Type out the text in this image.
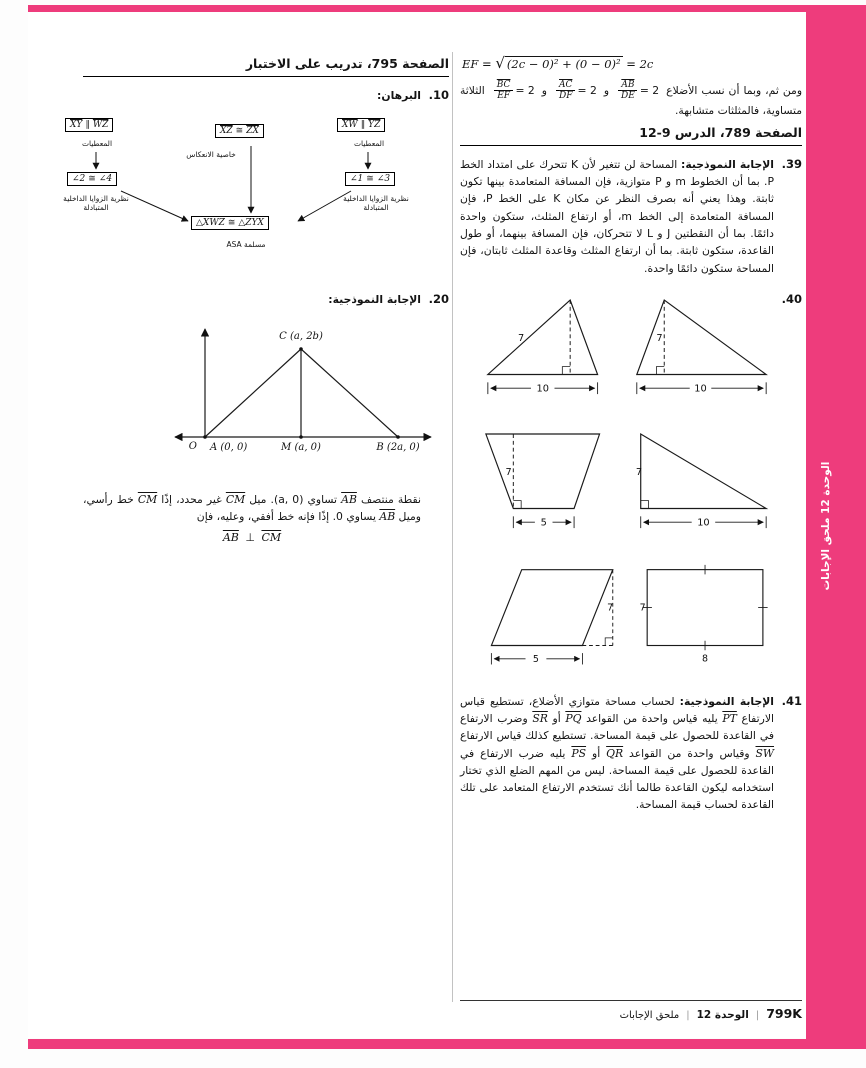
الوحدة 12 ملحق الإجابات
EF = √ (2c − 0)² + (0 − 0)² = 2c

ومن ثم، وبما أن نسب الأضلاع
$\frac{\overline{AB}}{DE} = 2$ و
$\frac{\overline{AC}}{DF} = 2$ و
$\frac{\overline{BC}}{EF} = 2$ الثلاثة متساوية، فالمثلثات متشابهة.

الصفحة 789، الدرس 9-12
.39

الإجابة النموذجية: المساحة لن تتغير لأن K تتحرك على امتداد الخط P. بما أن الخطوط m و P متوازية، فإن المسافة المتعامدة بينها تكون ثابتة. وهذا يعني أنه بصرف النظر عن مكان K على الخط P، فإن المسافة المتعامدة إلى الخط m، أو ارتفاع المثلث، ستكون واحدة دائمًا. بما أن النقطتين J و L لا تتحركان، فإن المسافة بينهما، أو طول القاعدة، ستكون ثابتة. بما أن ارتفاع المثلث وقاعدة المثلث ثابتان، فإن المساحة ستكون دائمًا واحدة.

.40
7
10
7
10
7
10
7
5
7
8
7
5
.41

الإجابة النموذجية: لحساب مساحة متوازي الأضلاع، تستطيع قياس الارتفاع PT يليه قياس واحدة من القواعد PQ أو SR وضرب الارتفاع في القاعدة للحصول على قيمة المساحة. تستطيع كذلك قياس الارتفاع SW وقياس واحدة من القواعد QR أو PS يليه ضرب الارتفاع في القاعدة للحصول على قيمة المساحة. ليس من المهم الضلع الذي تختار استخدامه ليكون القاعدة طالما أنك تستخدم الارتفاع المتعامد على تلك القاعدة لحساب قيمة المساحة.

الصفحة 795، تدريب على الاختبار
.10

البرهان:

$\overline{XY}$ ∥ $\overline{WZ}$
المعطيات
$\overline{XW}$ ∥ $\overline{YZ}$
المعطيات
$\overline{XZ}$ ≅ $\overline{ZX}$
خاصية الانعكاس
∠2 ≅ ∠4
نظرية الزوايا الداخلية المتبادلة
∠1 ≅ ∠3
نظرية الزوايا الداخلية المتبادلة
△XWZ ≅ △ZYX
مسلمة ASA
.20

الإجابة النموذجية:

C (a, 2b)
O A (0, 0)	M (a, 0)	B (2a, 0)

نقطة منتصف AB تساوي (a, 0). ميل CM غير محدد، إذًا CM خط رأسي، وميل AB يساوي 0. إذًا فإنه خط أفقي، وعليه، فإن

$\overline{AB}$ ⊥ $\overline{CM}$
799K
|
الوحدة 12
|
ملحق الإجابات
